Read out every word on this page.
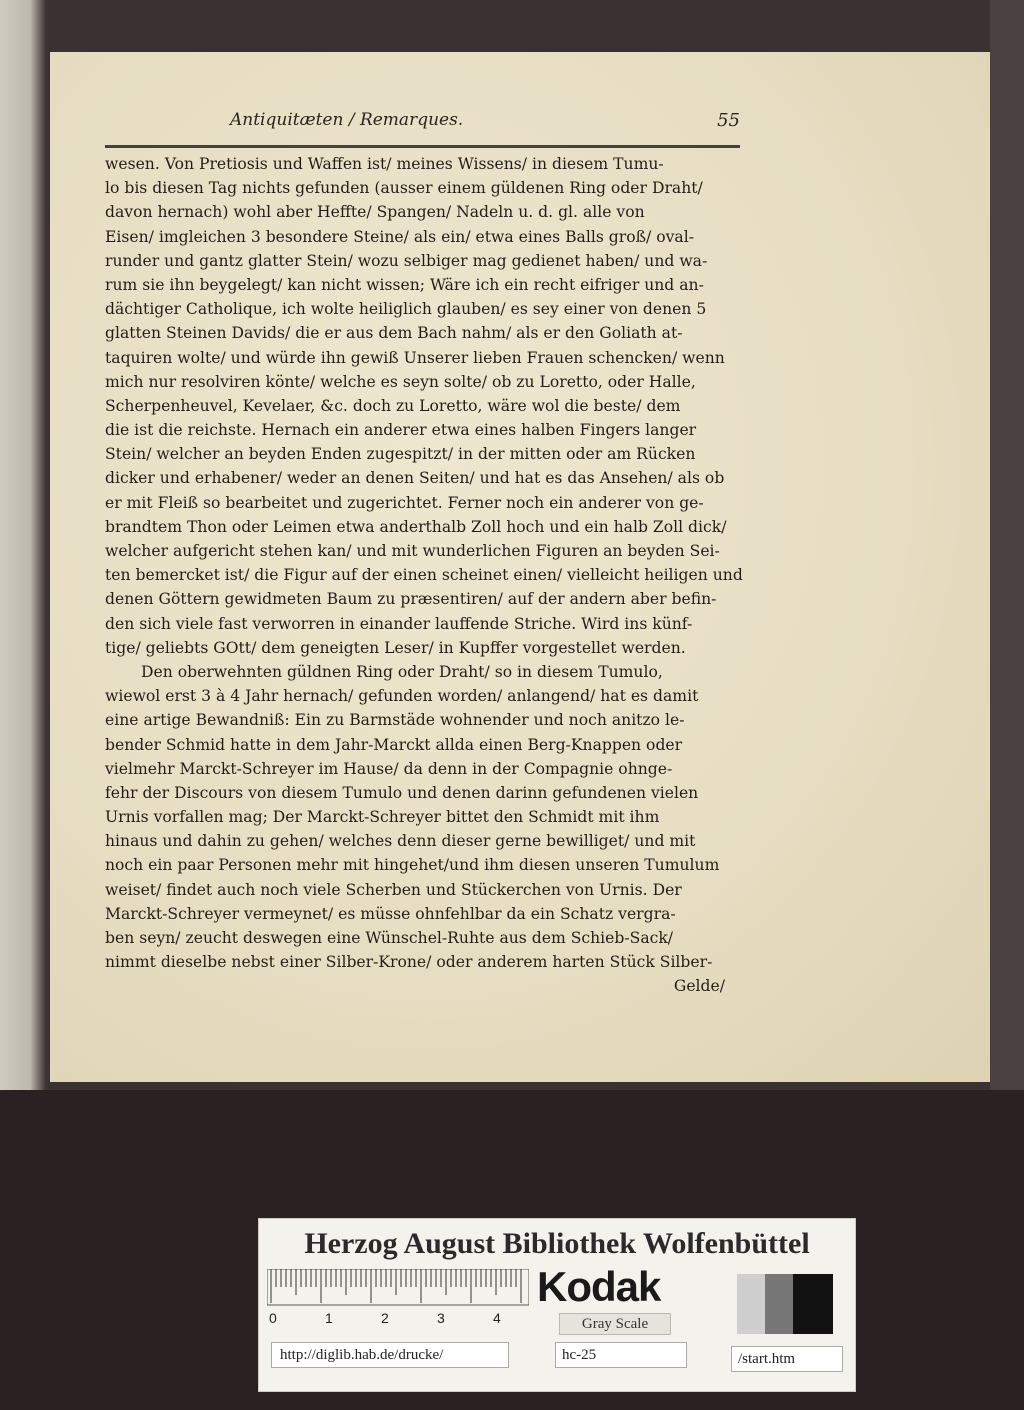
Antiquitæten / Remarques.	55
wesen. Von Pretiosis und Waffen ist/ meines Wissens/ in diesem Tumu-
lo bis diesen Tag nichts gefunden (ausser einem güldenen Ring oder Draht/
davon hernach) wohl aber Heffte/ Spangen/ Nadeln u. d. gl. alle von
Eisen/ imgleichen 3 besondere Steine/ als ein/ etwa eines Balls groß/ oval-
runder und gantz glatter Stein/ wozu selbiger mag gedienet haben/ und wa-
rum sie ihn beygelegt/ kan nicht wissen; Wäre ich ein recht eifriger und an-
dächtiger Catholique, ich wolte heiliglich glauben/ es sey einer von denen 5
glatten Steinen Davids/ die er aus dem Bach nahm/ als er den Goliath at-
taquiren wolte/ und würde ihn gewiß Unserer lieben Frauen schencken/ wenn
mich nur resolviren könte/ welche es seyn solte/ ob zu Loretto, oder Halle,
Scherpenheuvel, Kevelaer, &c. doch zu Loretto, wäre wol die beste/ dem
die ist die reichste. Hernach ein anderer etwa eines halben Fingers langer
Stein/ welcher an beyden Enden zugespitzt/ in der mitten oder am Rücken
dicker und erhabener/ weder an denen Seiten/ und hat es das Ansehen/ als ob
er mit Fleiß so bearbeitet und zugerichtet. Ferner noch ein anderer von ge-
brandtem Thon oder Leimen etwa anderthalb Zoll hoch und ein halb Zoll dick/
welcher aufgericht stehen kan/ und mit wunderlichen Figuren an beyden Sei-
ten bemercket ist/ die Figur auf der einen scheinet einen/ vielleicht heiligen und
denen Göttern gewidmeten Baum zu præsentiren/ auf der andern aber befin-
den sich viele fast verworren in einander lauffende Striche. Wird ins künf-
tige/ geliebts GOtt/ dem geneigten Leser/ in Kupffer vorgestellet werden.
Den oberwehnten güldnen Ring oder Draht/ so in diesem Tumulo,
wiewol erst 3 à 4 Jahr hernach/ gefunden worden/ anlangend/ hat es damit
eine artige Bewandniß: Ein zu Barmstäde wohnender und noch anitzo le-
bender Schmid hatte in dem Jahr-Marckt allda einen Berg-Knappen oder
vielmehr Marckt-Schreyer im Hause/ da denn in der Compagnie ohnge-
fehr der Discours von diesem Tumulo und denen darinn gefundenen vielen
Urnis vorfallen mag; Der Marckt-Schreyer bittet den Schmidt mit ihm
hinaus und dahin zu gehen/ welches denn dieser gerne bewilliget/ und mit
noch ein paar Personen mehr mit hingehet/und ihm diesen unseren Tumulum
weiset/ findet auch noch viele Scherben und Stückerchen von Urnis. Der
Marckt-Schreyer vermeynet/ es müsse ohnfehlbar da ein Schatz vergra-
ben seyn/ zeucht deswegen eine Wünschel-Ruhte aus dem Schieb-Sack/
nimmt dieselbe nebst einer Silber-Krone/ oder anderem harten Stück Silber-
Gelde/
Herzog August Bibliothek Wolfenbüttel
0	1	2	3	4
Kodak
Gray Scale
http://diglib.hab.de/drucke/	hc-25	/start.htm
